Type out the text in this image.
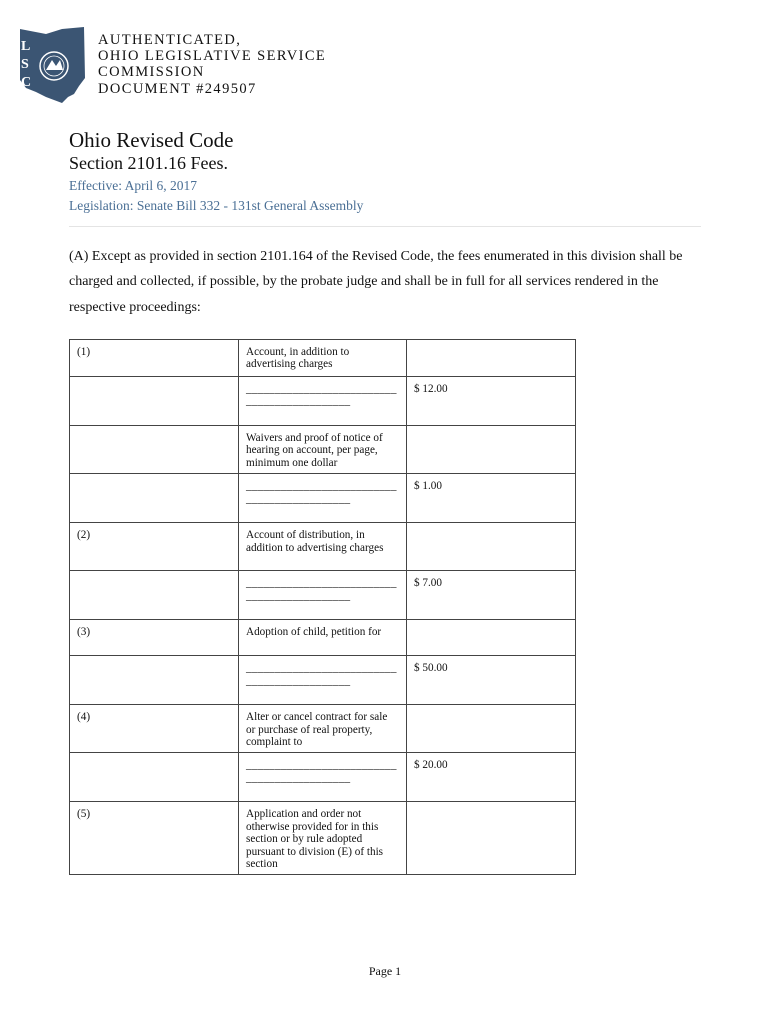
L
S
C
AUTHENTICATED,
OHIO LEGISLATIVE SERVICE
COMMISSION
DOCUMENT #249507
Ohio Revised Code
Section 2101.16 Fees.
Effective: April 6, 2017
Legislation: Senate Bill 332 - 131st General Assembly
(A) Except as provided in section 2101.164 of the Revised Code, the fees enumerated in this division shall be charged and collected, if possible, by the probate judge and shall be in full for all services rendered in the respective proceedings:
(1)	Account, in addition to advertising charges	
	____________________________________________	$ 12.00
	Waivers and proof of notice of hearing on account, per page, minimum one dollar	
	____________________________________________	$ 1.00
(2)	Account of distribution, in addition to advertising charges	
	____________________________________________	$ 7.00
(3)	Adoption of child, petition for	
	____________________________________________	$ 50.00
(4)	Alter or cancel contract for sale or purchase of real property, complaint to	
	____________________________________________	$ 20.00
(5)	Application and order not otherwise provided for in this section or by rule adopted pursuant to division (E) of this section	
Page 1
